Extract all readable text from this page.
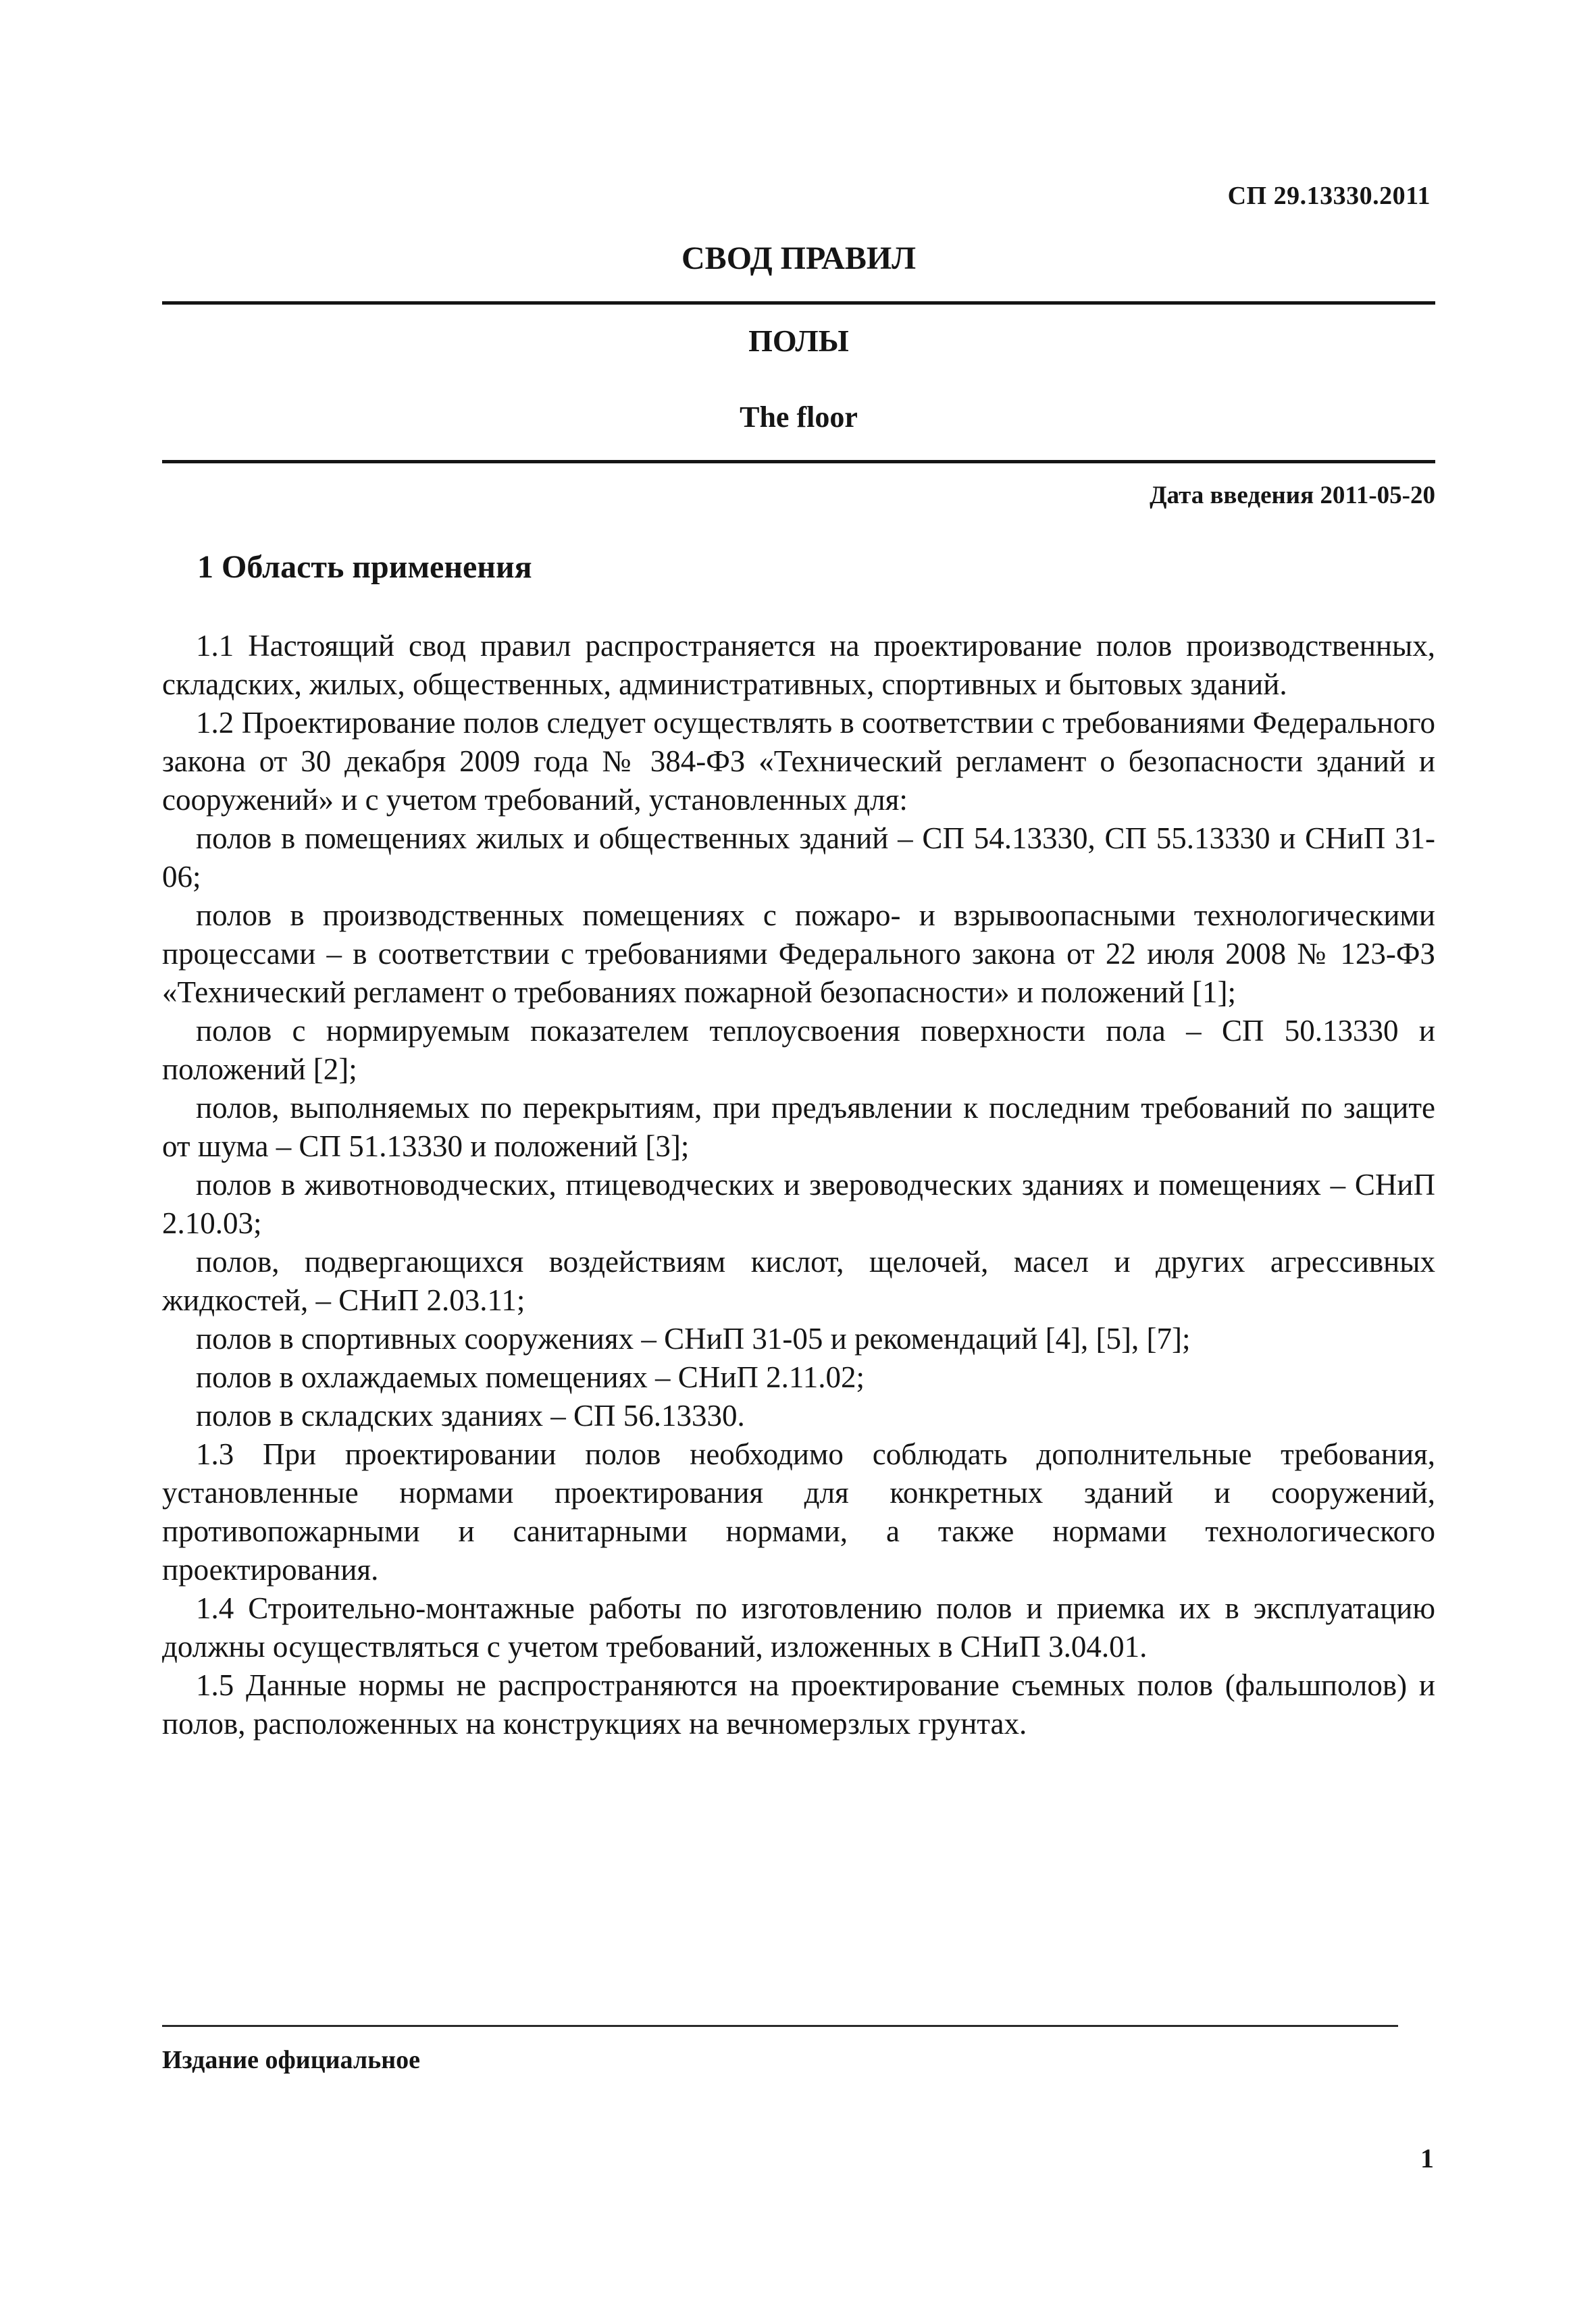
СП 29.13330.2011
СВОД ПРАВИЛ
ПОЛЫ
The floor
Дата введения 2011-05-20
1 Область применения

1.1 Настоящий свод правил распространяется на проектирование полов производственных, складских, жилых, общественных, административных, спортивных и бытовых зданий.

1.2 Проектирование полов следует осуществлять в соответствии с требованиями Федерального закона от 30 декабря 2009 года № 384-ФЗ «Технический регламент о безопасности зданий и сооружений» и с учетом требований, установленных для:

полов в помещениях жилых и общественных зданий – СП 54.13330, СП 55.13330 и СНиП 31-06;

полов в производственных помещениях с пожаро- и взрывоопасными технологическими процессами – в соответствии с требованиями Федерального закона от 22 июля 2008 № 123-ФЗ «Технический регламент о требованиях пожарной безопасности» и положений [1];

полов с нормируемым показателем теплоусвоения поверхности пола – СП 50.13330 и положений [2];

полов, выполняемых по перекрытиям, при предъявлении к последним требований по защите от шума – СП 51.13330 и положений [3];

полов в животноводческих, птицеводческих и звероводческих зданиях и помещениях – СНиП 2.10.03;

полов, подвергающихся воздействиям кислот, щелочей, масел и других агрессивных жидкостей, – СНиП 2.03.11;

полов в спортивных сооружениях – СНиП 31-05 и рекомендаций [4], [5], [7];

полов в охлаждаемых помещениях – СНиП 2.11.02;

полов в складских зданиях – СП 56.13330.

1.3 При проектировании полов необходимо соблюдать дополнительные требования, установленные нормами проектирования для конкретных зданий и сооружений, противопожарными и санитарными нормами, а также нормами технологического проектирования.

1.4 Строительно-монтажные работы по изготовлению полов и приемка их в эксплуатацию должны осуществляться с учетом требований, изложенных в СНиП 3.04.01.

1.5 Данные нормы не распространяются на проектирование съемных полов (фальшполов) и полов, расположенных на конструкциях на вечномерзлых грунтах.

Издание официальное
1
